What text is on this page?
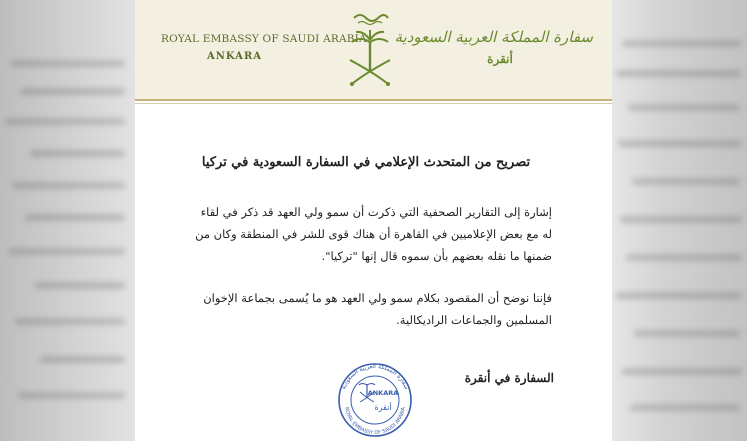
ROYAL EMBASSY OF SAUDI ARABIA
ANKARA
سفارة المملكة العربية السعودية
أنقرة
تصريح من المتحدث الإعلامي في السفارة السعودية في تركيا
إشارة إلى التقارير الصحفية التي ذكرت أن سمو ولي العهد قد ذكر في لقاء
له مع بعض الإعلاميين في القاهرة أن هناك قوى للشر في المنطقة وكان من
ضمنها ما نقله بعضهم بأن سموه قال إنها "تركيا".
فإننا نوضح أن المقصود بكلام سمو ولي العهد هو ما يُسمى بجماعة الإخوان
المسلمين والجماعات الراديكالية.
السفارة في أنقرة
سفارة المملكة العربية السعودية
ROYAL EMBASSY OF SAUDI ARABIA
ANKARA
أنقرة
